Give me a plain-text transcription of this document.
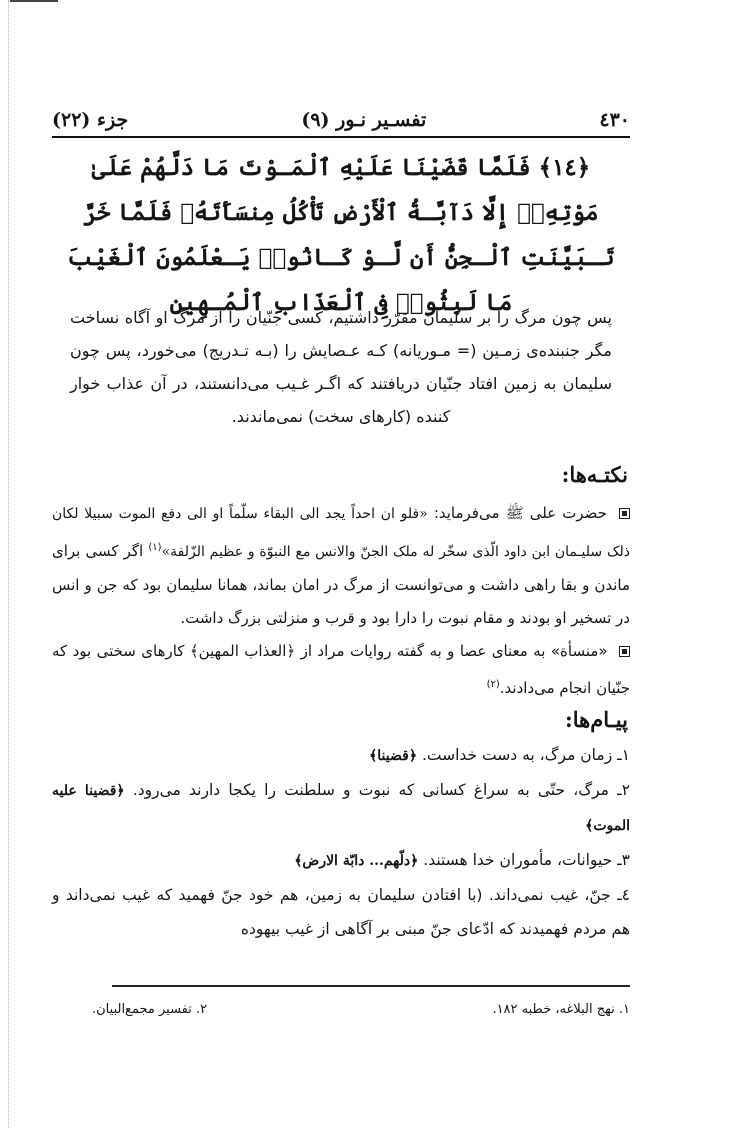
٤٣٠
تفسـیر نـور (٩)
جزء (٢٢)
﴿١٤﴾ فَلَمَّا قَضَيْنَا عَلَيْهِ ٱلْمَـوْتَ مَا دَلَّهُمْ عَلَىٰ مَوْتِهِۦٓ إِلَّا دَآبَّـةُ ٱلْأَرْضِ تَأْكُلُ مِنسَأَتَهُۥ فَلَمَّا خَرَّ تَـبَيَّنَتِ ٱلْـجِنُّ أَن لَّـوْ كَـانُوا۟ يَـعْلَمُونَ ٱلْغَيْبَ مَا لَبِثُوا۟ فِى ٱلْعَذَابِ ٱلْمُـهِينِ

پس چون مرگ را بر سلیمان مقرّر داشتیم، کسی جنّیان را از مرگ او آگاه نساخت مگر جنبنده‌ی زمـین (= مـوریانه) کـه عـصایش را (بـه تـدریج) می‌خورد، پس چون سلیمان به زمین افتاد جنّیان دریافتند که اگـر غـیب می‌دانستند، در آن عذاب خوار کننده (کارهای سخت) نمی‌ماندند.

نکتـه‌ها:

حضرت علی ﷺ می‌فرماید: «فلو ان احداً یجد الی البقاء سلّماً او الی دفع الموت سبیلا لکان ذلک سلیـمان ابن داود الّذی سخّر له ملک الجنّ والانس مع النبوّة و عظیم الزّلفة»$^{(١)}$ اگر کسی برای ماندن و بقا راهی داشت و می‌توانست از مرگ در امان بماند، همانا سلیمان بود که جن و انس در تسخیر او بودند و مقام نبوت را دارا بود و قرب و منزلتی بزرگ داشت.

«منسأة» به معنای عصا و به گفته روایات مراد از ﴿العذاب المهین﴾ کارهای سختی بود که جنّیان انجام می‌دادند.$^{(٢)}$

پیـام‌ها:

١ـ زمان مرگ، به دست خداست. ﴿قضینا﴾

٢ـ مرگ، حتّی به سراغ کسانی که نبوت و سلطنت را یکجا دارند می‌رود. ﴿قضینا علیه الموت﴾

٣ـ حیوانات، مأموران خدا هستند. ﴿دلّهم... دابّة الارض﴾

٤ـ جنّ، غیب نمی‌داند. (با افتادن سلیمان به زمین، هم خود جنّ فهمید که غیب نمی‌داند و هم مردم فهمیدند که ادّعای جنّ مبنی بر آگاهی از غیب بیهوده

١. نهج البلاغه، خطبه ١٨٢.
٢. تفسیر مجمع‌البیان.
